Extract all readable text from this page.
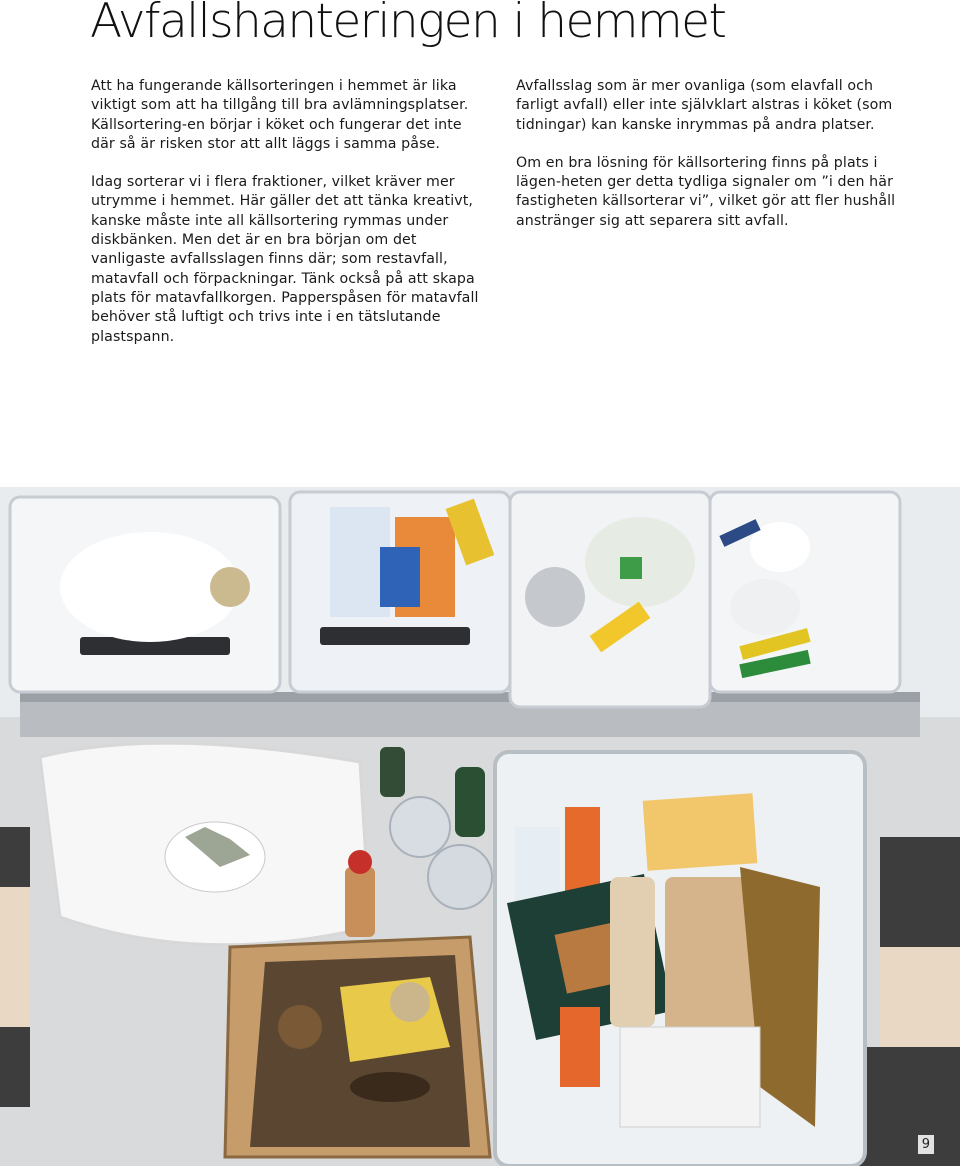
Avfallshanteringen i hemmet

Att ha fungerande källsorteringen i hemmet är lika viktigt som att ha tillgång till bra avlämningsplatser. Källsortering-en börjar i köket och fungerar det inte där så är risken stor att allt läggs i samma påse.

Idag sorterar vi i flera fraktioner, vilket kräver mer utrymme i hemmet. Här gäller det att tänka kreativt, kanske måste inte all källsortering rymmas under diskbänken. Men det är en bra början om det vanligaste avfallsslagen finns där; som restavfall, matavfall och förpackningar. Tänk också på att skapa plats för matavfallkorgen. Papperspåsen för matavfall behöver stå luftigt och trivs inte i en tätslutande plastspann.

Avfallsslag som är mer ovanliga (som elavfall och farligt avfall) eller inte självklart alstras i köket (som tidningar) kan kanske inrymmas på andra platser.

Om en bra lösning för källsortering finns på plats i lägen-heten ger detta tydliga signaler om ”i den här fastigheten källsorterar vi”, vilket gör att fler hushåll anstränger sig att separera sitt avfall.

9
